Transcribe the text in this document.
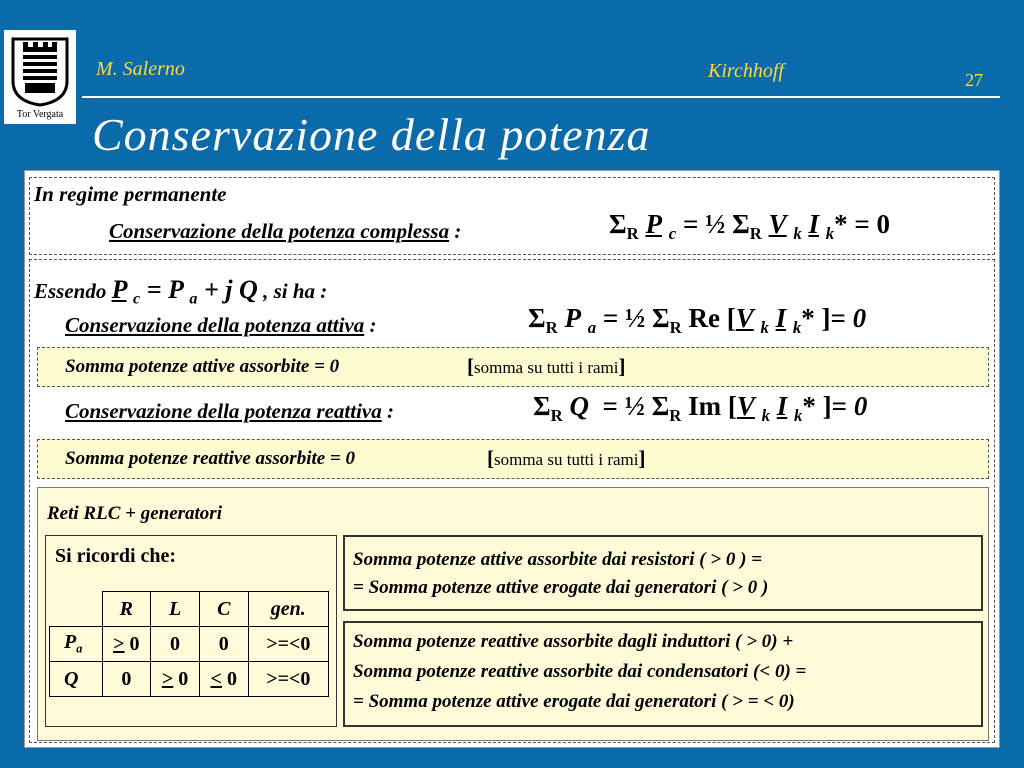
Tor Vergata
M. Salerno	Kirchhoff	27
Conservazione della potenza
In regime permanente
Conservazione della potenza complessa :	$\Sigma_R$ P $_c$ = ½ $\Sigma_R$ V $_k$ I $_k$* = 0
Essendo P $_c$ = P $_a$ + j Q , si ha :
Conservazione della potenza attiva :	$\Sigma_R$ P $_a$ = ½ $\Sigma_R$ Re [V $_k$ I $_k$* ]= 0
Somma potenze attive assorbite = 0	[somma su tutti i rami]
Conservazione della potenza reattiva :	$\Sigma_R$ Q  = ½ $\Sigma_R$ Im [V $_k$ I $_k$* ]= 0
Somma potenze reattive assorbite = 0	[somma su tutti i rami]
Reti RLC + generatori
Si ricordi che:
	R	L	C	gen.
$P_a$	> 0	0	0	>=<0
Q	0	> 0	< 0	>=<0
Somma potenze attive assorbite dai resistori ( > 0 ) =
= Somma potenze attive erogate dai generatori ( > 0 )
Somma potenze reattive assorbite dagli induttori ( > 0) +
Somma potenze reattive assorbite dai condensatori (< 0) =
= Somma potenze attive erogate dai generatori ( > = < 0)
